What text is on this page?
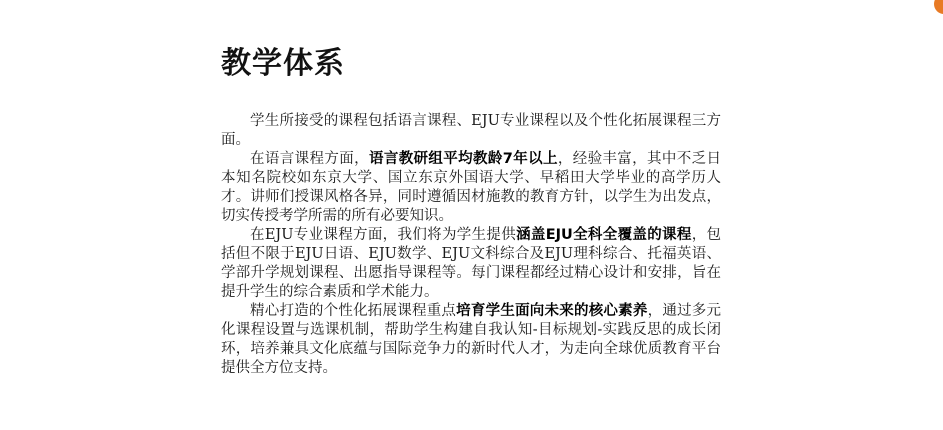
教学体系

学生所接受的课程包括语言课程、EJU专业课程以及个性化拓展课程三方面。

在语言课程方面，语言教研组平均教龄7年以上，经验丰富，其中不乏日本知名院校如东京大学、国立东京外国语大学、早稻田大学毕业的高学历人才。讲师们授课风格各异，同时遵循因材施教的教育方针，以学生为出发点，切实传授考学所需的所有必要知识。

在EJU专业课程方面，我们将为学生提供涵盖EJU全科全覆盖的课程，包括但不限于EJU日语、EJU数学、EJU文科综合及EJU理科综合、托福英语、学部升学规划课程、出愿指导课程等。每门课程都经过精心设计和安排，旨在提升学生的综合素质和学术能力。

精心打造的个性化拓展课程重点培育学生面向未来的核心素养，通过多元化课程设置与选课机制，帮助学生构建自我认知-目标规划-实践反思的成长闭环，培养兼具文化底蕴与国际竞争力的新时代人才，为走向全球优质教育平台提供全方位支持。
